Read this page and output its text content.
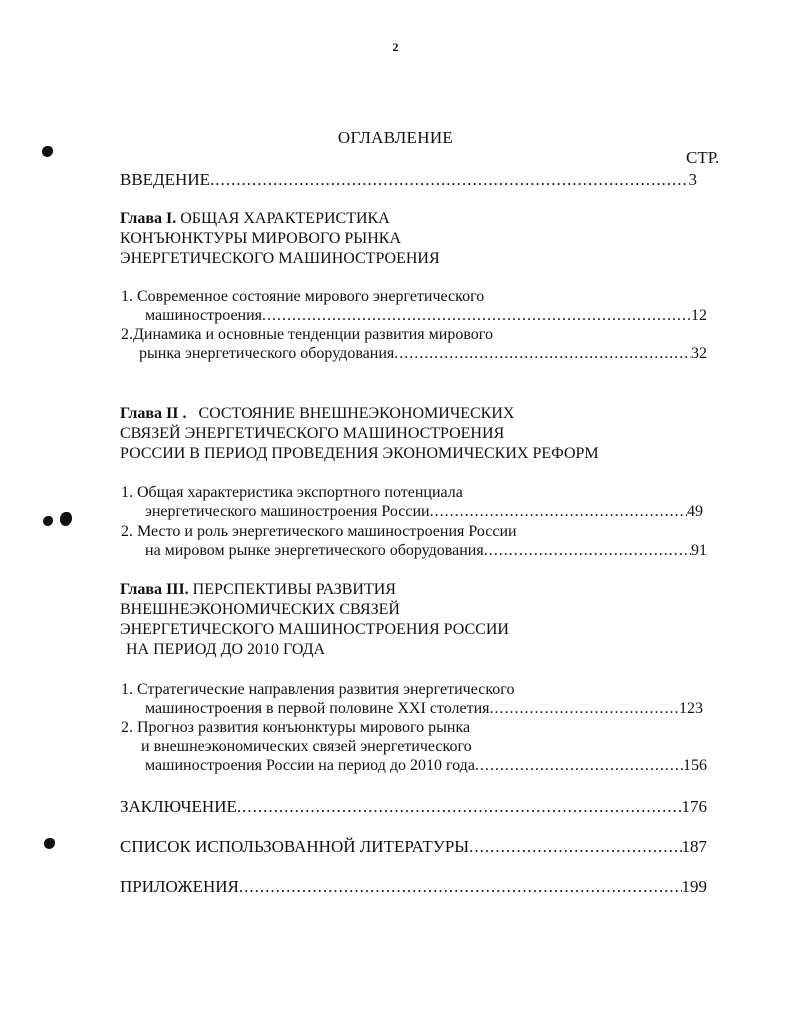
2
ОГЛАВЛЕНИЕ
СТР.
ВВЕДЕНИЕ .....	3
Глава I. ОБЩАЯ ХАРАКТЕРИСТИКА
КОНЪЮНКТУРЫ МИРОВОГО РЫНКА
ЭНЕРГЕТИЧЕСКОГО МАШИНОСТРОЕНИЯ
1. Современное состояние мирового энергетического
машиностроения .....	12
2.Динамика и основные тенденции развития мирового
рынка энергетического оборудования .....	32
Глава II . СОСТОЯНИЕ ВНЕШНЕЭКОНОМИЧЕСКИХ
СВЯЗЕЙ ЭНЕРГЕТИЧЕСКОГО МАШИНОСТРОЕНИЯ
РОССИИ В ПЕРИОД ПРОВЕДЕНИЯ ЭКОНОМИЧЕСКИХ РЕФОРМ
1. Общая характеристика экспортного потенциала
энергетического машиностроения России .....	49
2. Место и роль энергетического машиностроения России
на мировом рынке энергетического оборудования .....	91
Глава III. ПЕРСПЕКТИВЫ РАЗВИТИЯ
ВНЕШНЕЭКОНОМИЧЕСКИХ СВЯЗЕЙ
ЭНЕРГЕТИЧЕСКОГО МАШИНОСТРОЕНИЯ РОССИИ
НА ПЕРИОД ДО 2010 ГОДА
1. Стратегические направления развития энергетического
машиностроения в первой половине XXI столетия .....	123
2. Прогноз развития конъюнктуры мирового рынка
и внешнеэкономических связей энергетического
машиностроения России на период до 2010 года .....	156
ЗАКЛЮЧЕНИЕ .....	176
СПИСОК ИСПОЛЬЗОВАННОЙ ЛИТЕРАТУРЫ .....	187
ПРИЛОЖЕНИЯ .....	199
